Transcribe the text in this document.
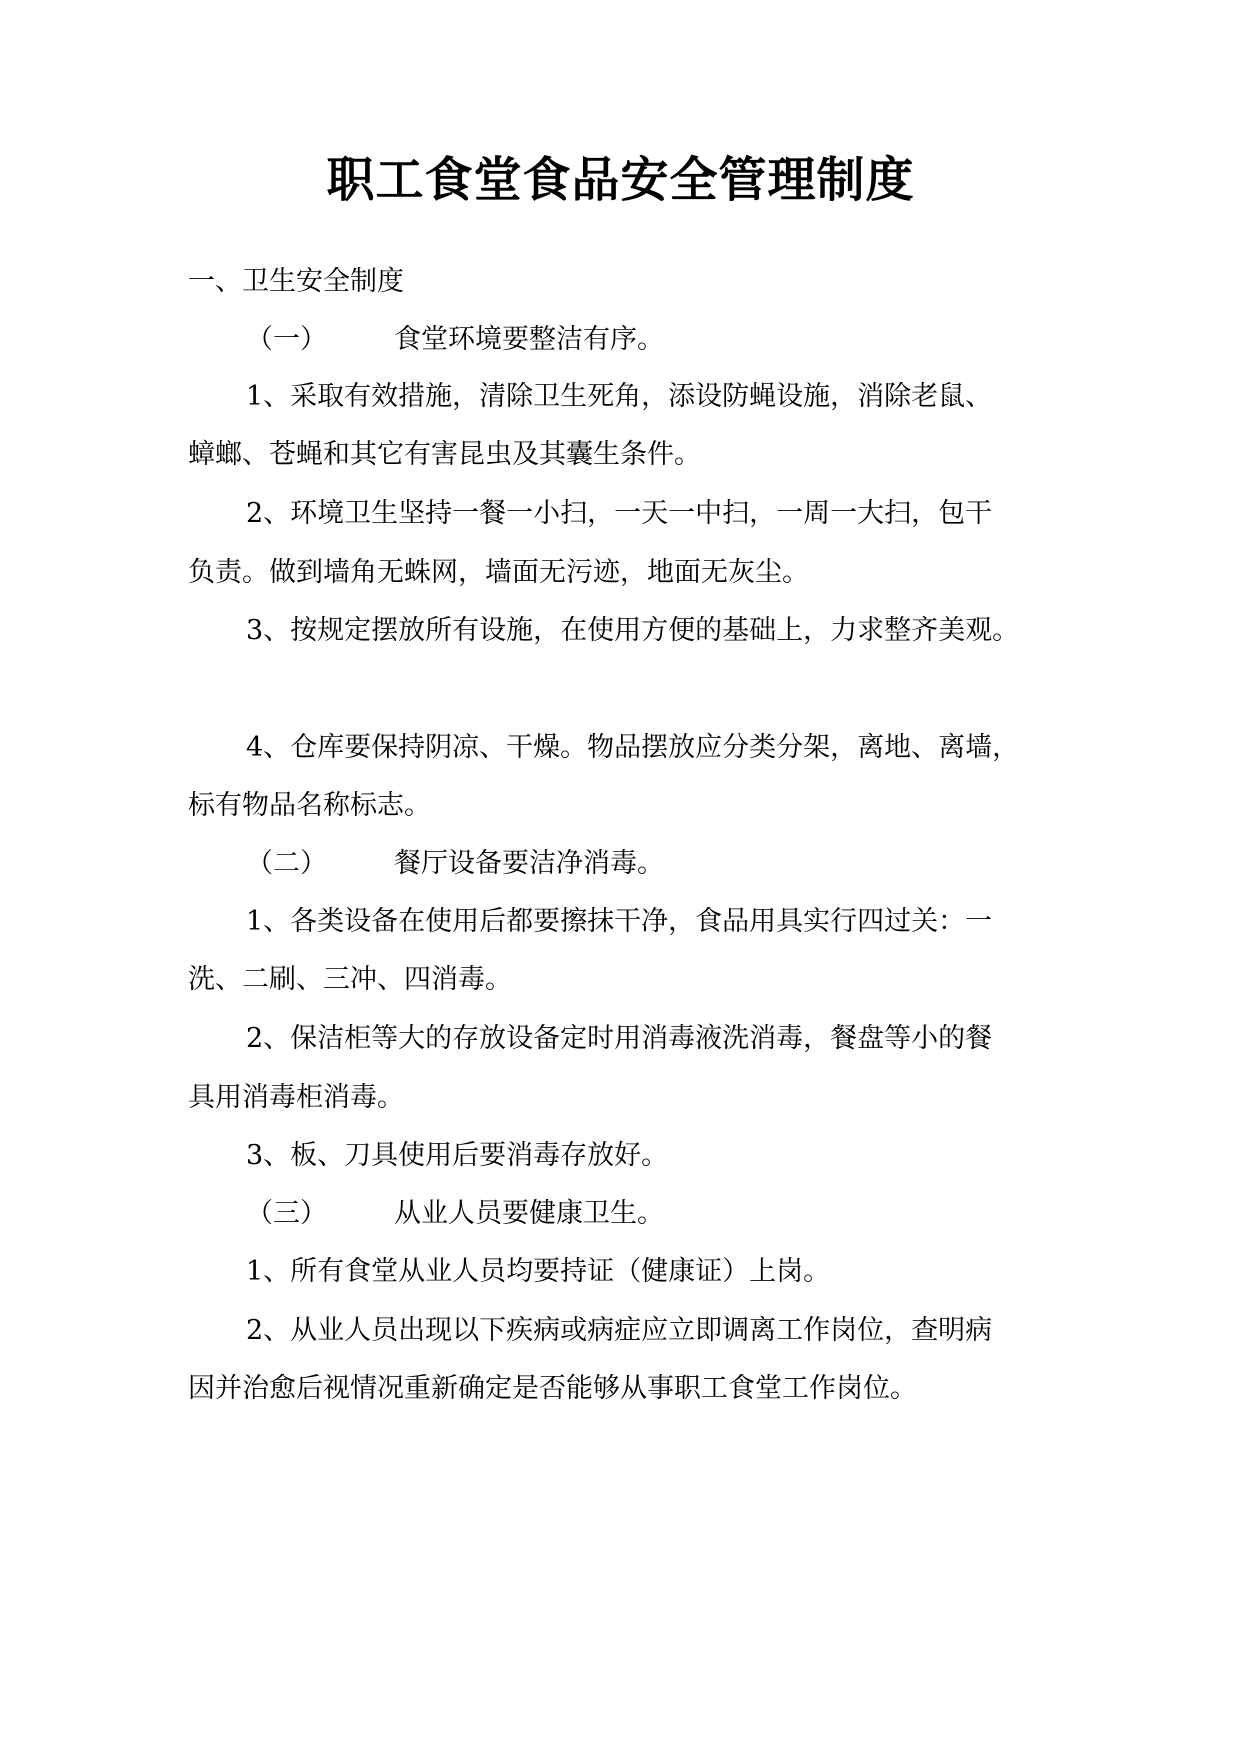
职工食堂食品安全管理制度
一、卫生安全制度
（一） 食堂环境要整洁有序。
1、采取有效措施，清除卫生死角，添设防蝇设施，消除老鼠、
蟑螂、苍蝇和其它有害昆虫及其囊生条件。
2、环境卫生坚持一餐一小扫，一天一中扫，一周一大扫，包干
负责。做到墙角无蛛网，墙面无污迹，地面无灰尘。
3、按规定摆放所有设施，在使用方便的基础上，力求整齐美观。
4、仓库要保持阴凉、干燥。物品摆放应分类分架，离地、离墙，
标有物品名称标志。
（二） 餐厅设备要洁净消毒。
1、各类设备在使用后都要擦抹干净，食品用具实行四过关：一
洗、二刷、三冲、四消毒。
2、保洁柜等大的存放设备定时用消毒液洗消毒，餐盘等小的餐
具用消毒柜消毒。
3、板、刀具使用后要消毒存放好。
（三） 从业人员要健康卫生。
1、所有食堂从业人员均要持证（健康证）上岗。
2、从业人员出现以下疾病或病症应立即调离工作岗位，查明病
因并治愈后视情况重新确定是否能够从事职工食堂工作岗位。
